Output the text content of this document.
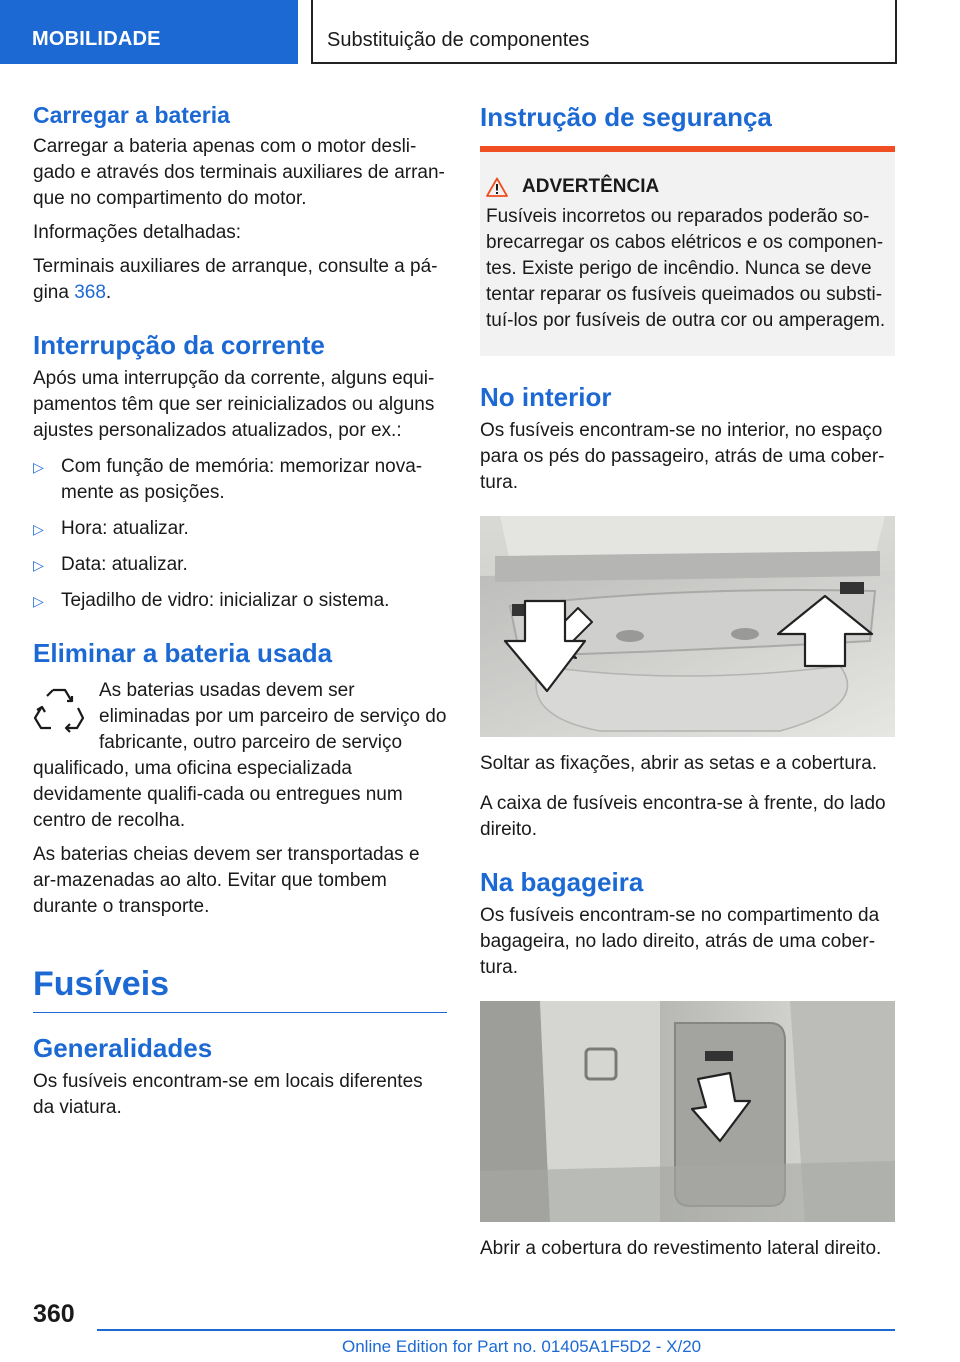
MOBILIDADE	Substituição de componentes
Carregar a bateria

Carregar a bateria apenas com o motor desli-gado e através dos terminais auxiliares de arran-que no compartimento do motor.

Informações detalhadas:

Terminais auxiliares de arranque, consulte a pá-gina 368.

Interrupção da corrente

Após uma interrupção da corrente, alguns equi-pamentos têm que ser reinicializados ou alguns ajustes personalizados atualizados, por ex.:

▷ Com função de memória: memorizar nova-mente as posições.
▷ Hora: atualizar.
▷ Data: atualizar.
▷ Tejadilho de vidro: inicializar o sistema.
Eliminar a bateria usada

As baterias usadas devem ser eliminadas por um parceiro de serviço do fabricante, outro parceiro de serviço qualificado, uma oficina especializada devidamente qualifi-cada ou entregues num centro de recolha.

As baterias cheias devem ser transportadas e ar-mazenadas ao alto. Evitar que tombem durante o transporte.

Fusíveis
Generalidades

Os fusíveis encontram-se em locais diferentes da viatura.

Instrução de segurança
ADVERTÊNCIA

Fusíveis incorretos ou reparados poderão so-brecarregar os cabos elétricos e os componen-tes. Existe perigo de incêndio. Nunca se deve tentar reparar os fusíveis queimados ou substi-tuí-los por fusíveis de outra cor ou amperagem.

No interior

Os fusíveis encontram-se no interior, no espaço para os pés do passageiro, atrás de uma cober-tura.

Soltar as fixações, abrir as setas e a cobertura.

A caixa de fusíveis encontra-se à frente, do lado direito.

Na bagageira

Os fusíveis encontram-se no compartimento da bagageira, no lado direito, atrás de uma cober-tura.

Abrir a cobertura do revestimento lateral direito.

360
Online Edition for Part no. 01405A1F5D2 - X/20
